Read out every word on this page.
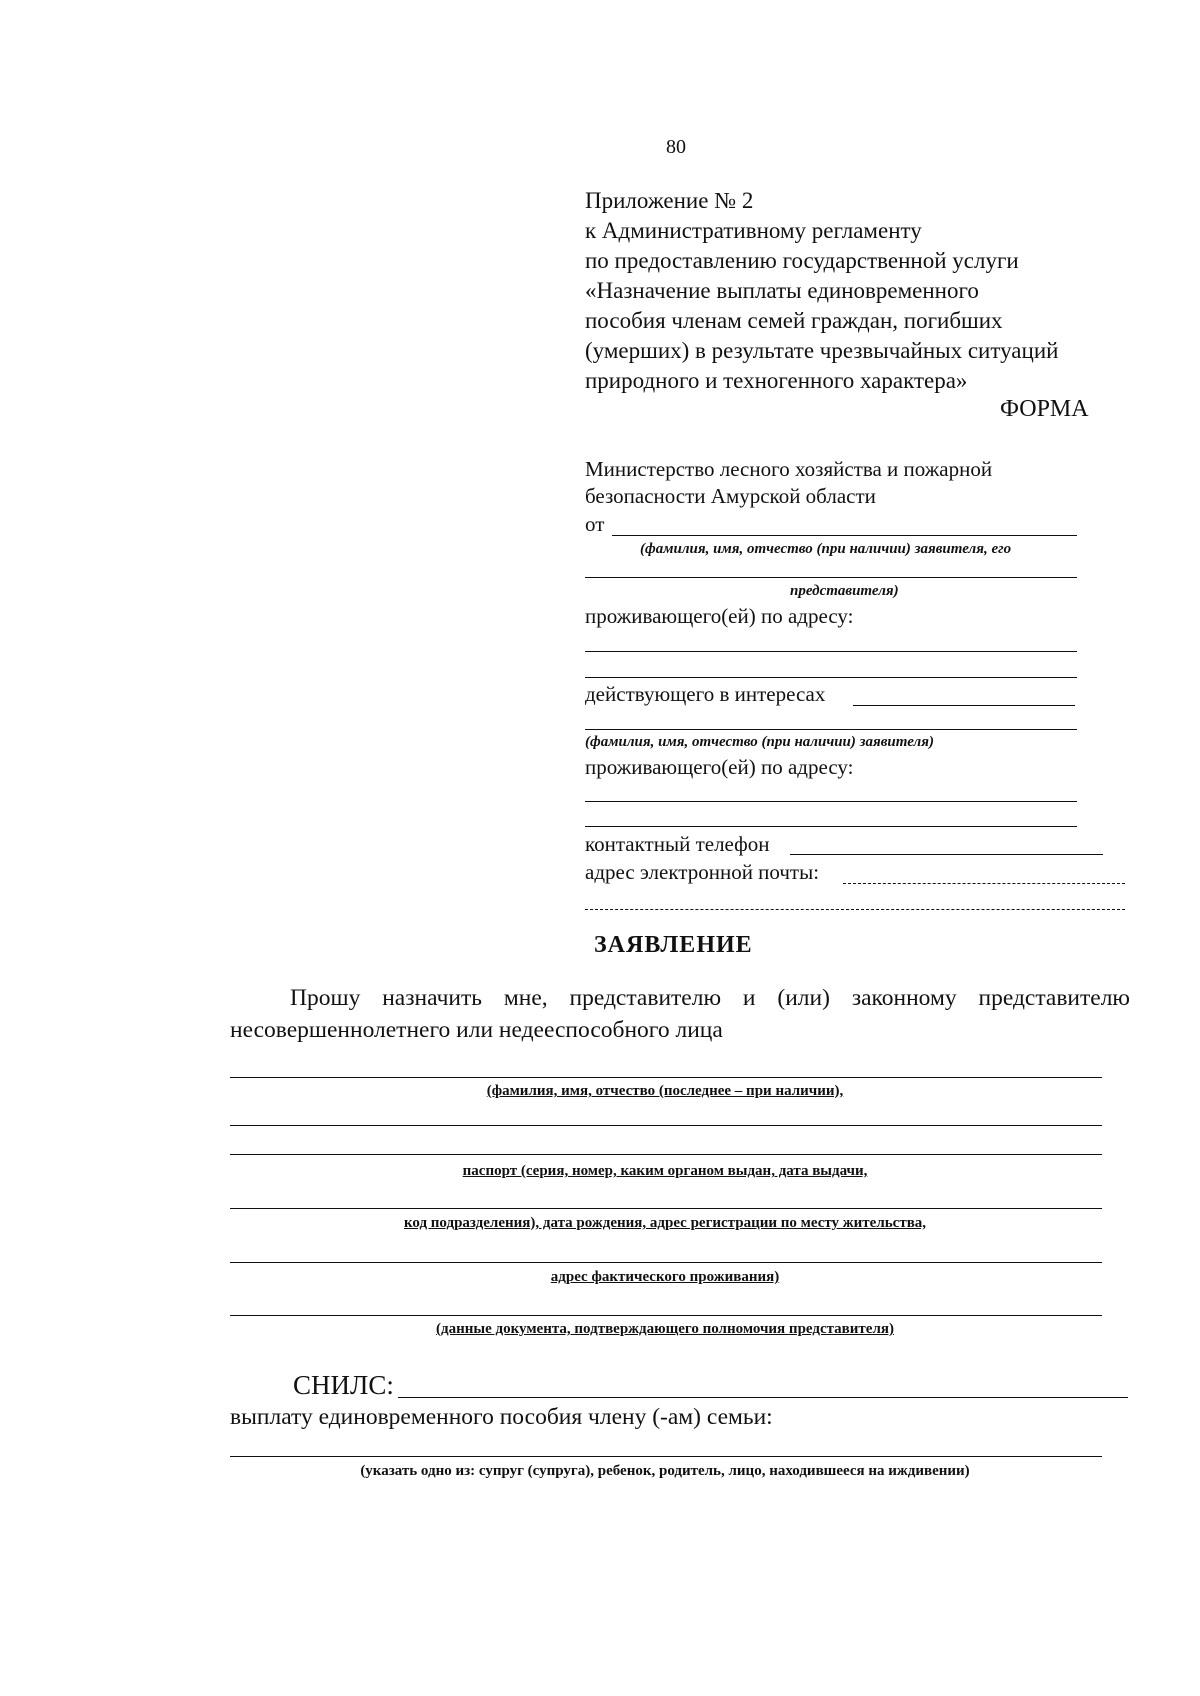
80
Приложение № 2
к Административному регламенту
по предоставлению государственной услуги
«Назначение выплаты единовременного
пособия членам семей граждан, погибших
(умерших) в результате чрезвычайных ситуаций
природного и техногенного характера»
ФОРМА
Министерство лесного хозяйства и пожарной
безопасности Амурской области
от
(фамилия, имя, отчество (при наличии) заявителя, его
представителя)
проживающего(ей) по адресу:
действующего в интересах
(фамилия, имя, отчество (при наличии) заявителя)
проживающего(ей) по адресу:
контактный телефон
адрес электронной почты:
ЗАЯВЛЕНИЕ
Прошу назначить мне, представителю и (или) законному представителю
несовершеннолетнего или недееспособного лица
(фамилия, имя, отчество (последнее – при наличии),
паспорт (серия, номер, каким органом выдан, дата выдачи,
код подразделения), дата рождения, адрес регистрации по месту жительства,
адрес фактического проживания)
(данные документа, подтверждающего полномочия представителя)
СНИЛС:
выплату единовременного пособия члену (-ам) семьи:
(указать одно из: супруг (супруга), ребенок, родитель, лицо, находившееся на иждивении)
